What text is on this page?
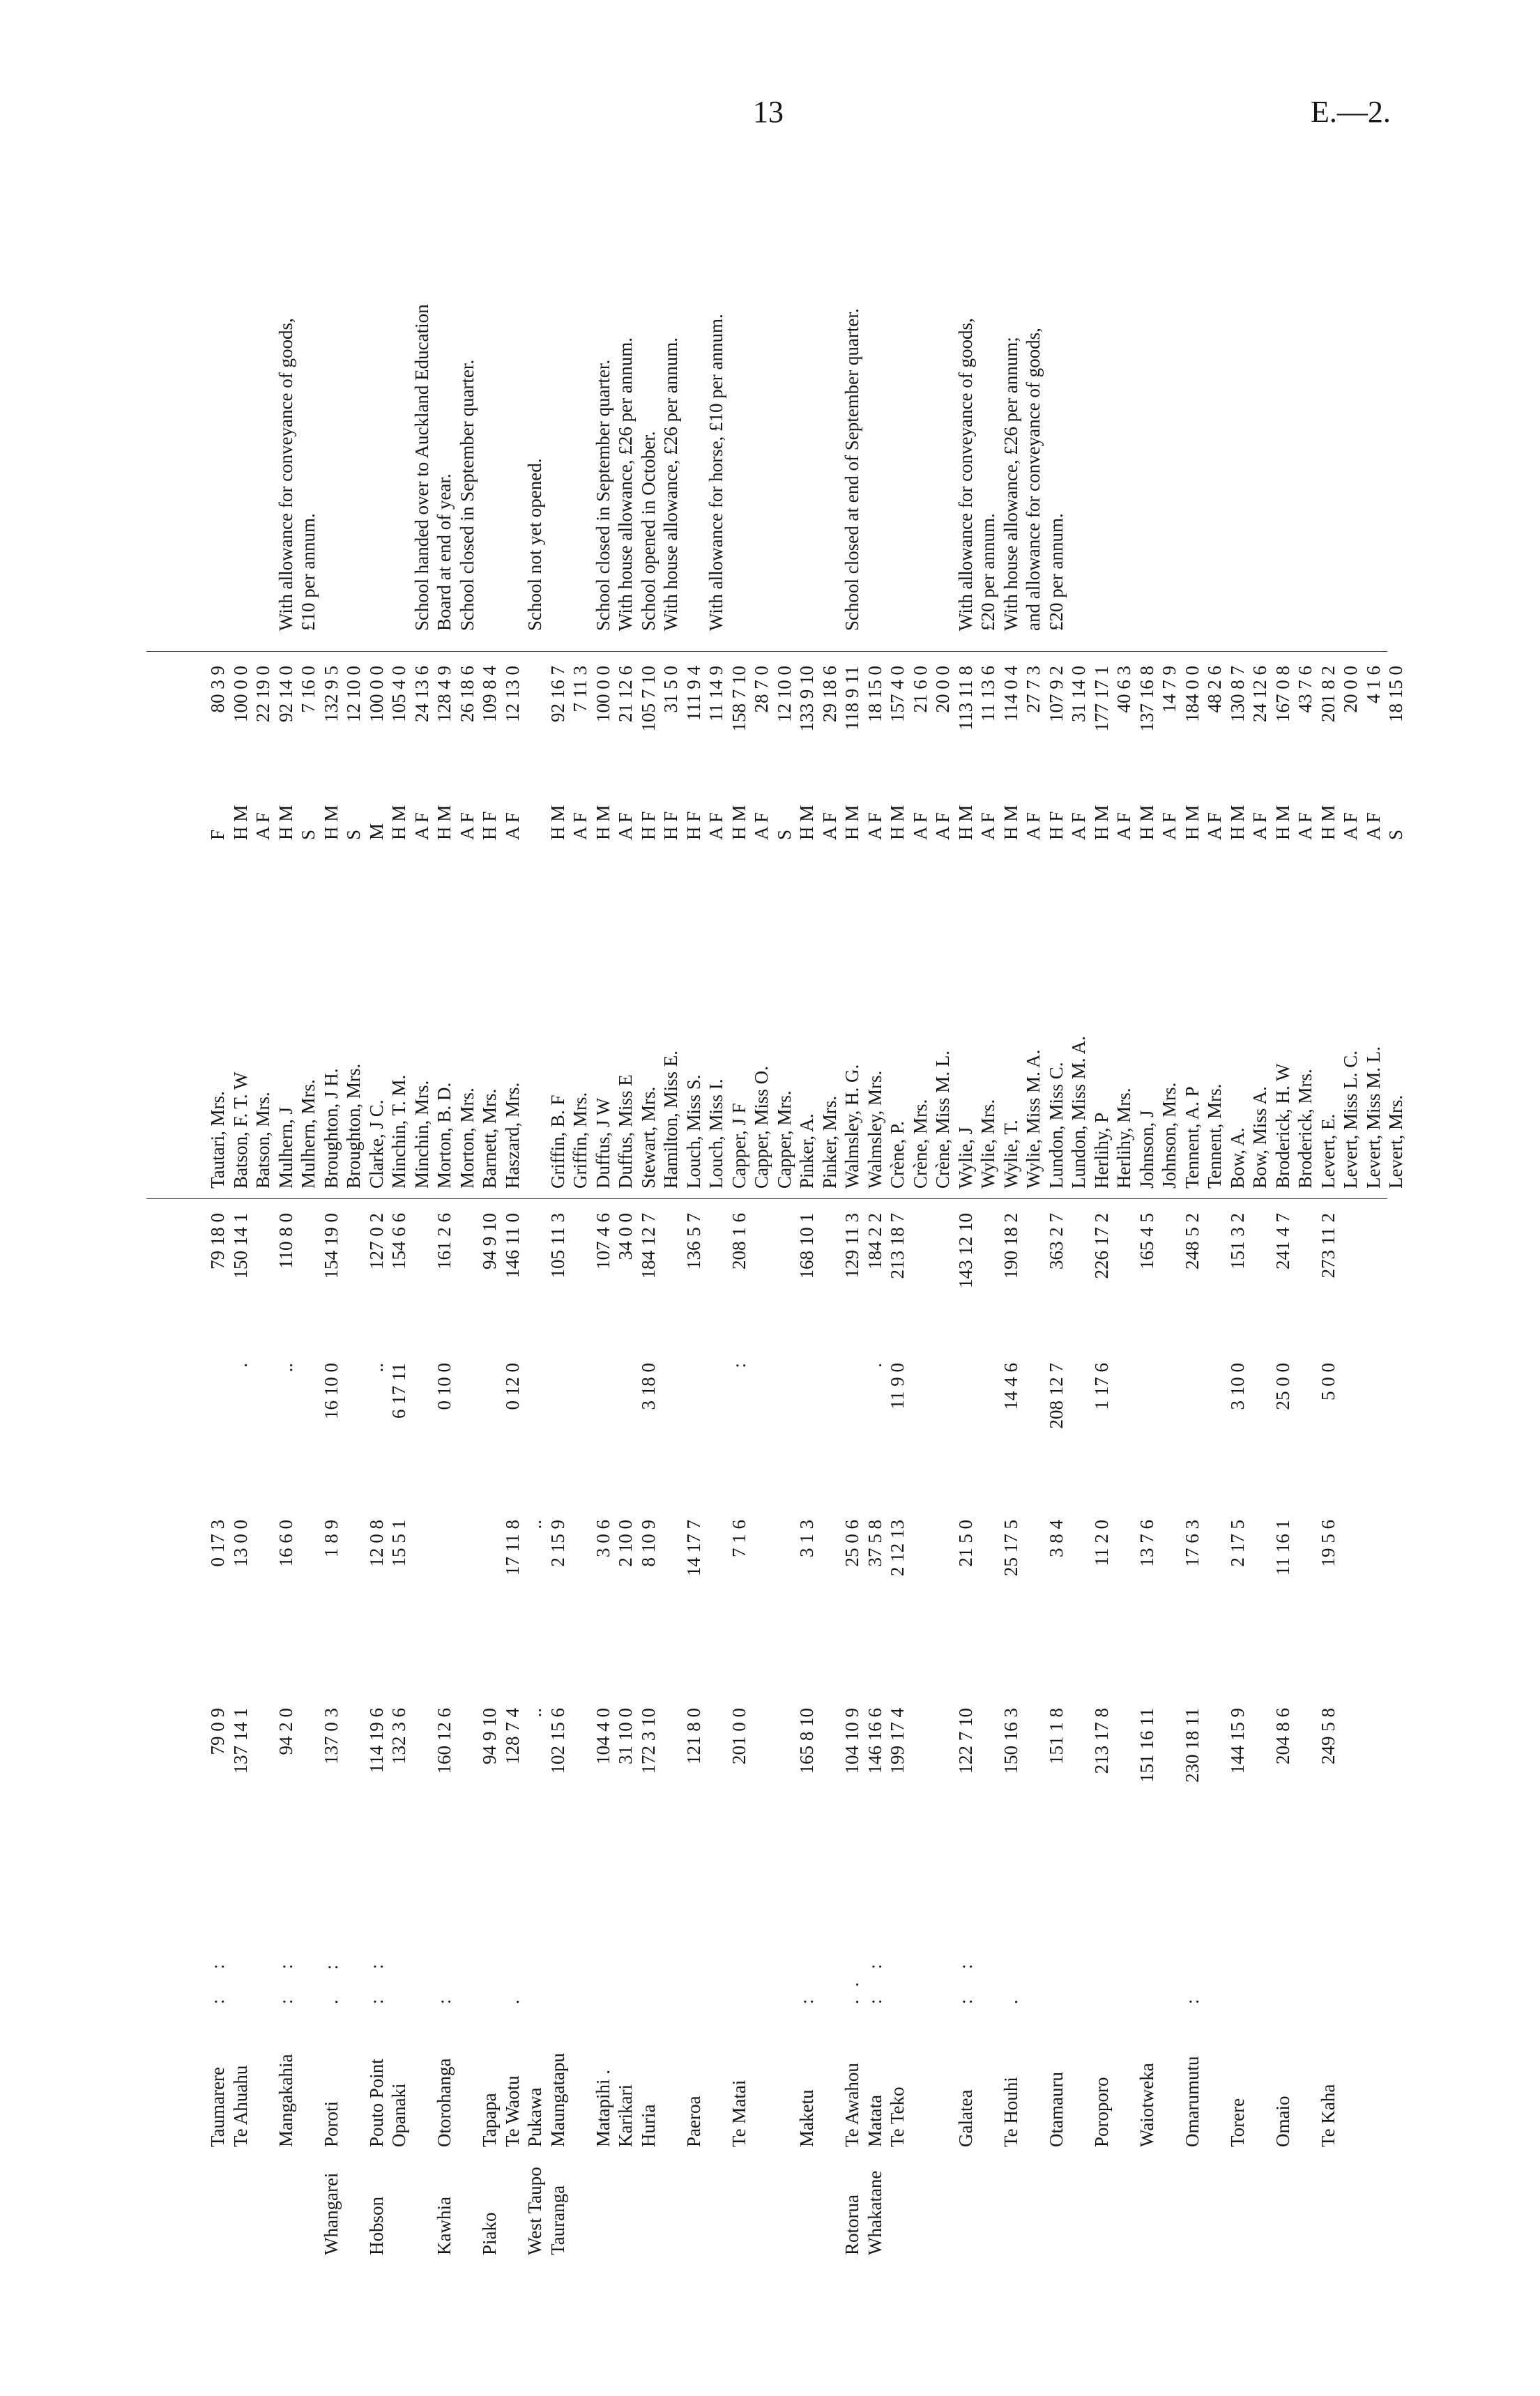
13	E.—2.
Taumarere
: :
79 0 9
0 17 3
79 18 0
Tautari, Mrs.
F
80 3 9
Te Ahuahu
137 14 1
13 0 0
.
150 14 1
Batson, F. T. W
H M
100 0 0
Batson, Mrs.
A F
22 19 0
Mangakahia
: :
94 2 0
16 6 0
..
110 8 0
Mulhern, J
H M
92 14 0
With allowance for conveyance of goods,
Mulhern, Mrs.
S
7 16 0
£10 per annum.
Whangarei
Poroti
. :
137 0 3
1 8 9
16 10 0
154 19 0
Broughton, J H.
H M
132 9 5
Broughton, Mrs.
S
12 10 0
Hobson
Pouto Point
: :
114 19 6
12 0 8
..
127 0 2
Clarke, J C.
M
100 0 0
Opanaki
132 3 6
15 5 1
6 17 11
154 6 6
Minchin, T. M.
H M
105 4 0
Minchin, Mrs.
A F
24 13 6
School handed over to Auckland Education
Kawhia
Otorohanga
:
160 12 6
0 10 0
161 2 6
Morton, B. D.
H M
128 4 9
Board at end of year.
Morton, Mrs.
A F
26 18 6
School closed in September quarter.
Piako
Tapapa
94 9 10
94 9 10
Barnett, Mrs.
H F
109 8 4
Te Waotu
.
128 7 4
17 11 8
0 12 0
146 11 0
Haszard, Mrs.
A F
12 13 0
West Taupo
Pukawa
..
..
School not yet opened.
Tauranga
Maungatapu
102 15 6
2 15 9
105 11 3
Griffin, B. F
H M
92 16 7
Griffin, Mrs.
A F
7 11 3
Matapihi .
104 4 0
3 0 6
107 4 6
Duffus, J W
H M
100 0 0
School closed in September quarter.
Karikari
31 10 0
2 10 0
34 0 0
Duffus, Miss E
A F
21 12 6
With house allowance, £26 per annum.
Huria
172 3 10
8 10 9
3 18 0
184 12 7
Stewart, Mrs.
H F
105 7 10
School opened in October.
Hamilton, Miss E.
H F
31 5 0
With house allowance, £26 per annum.
Paeroa
121 8 0
14 17 7
136 5 7
Louch, Miss S.
H F
111 9 4
Louch, Miss I.
A F
11 14 9
With allowance for horse, £10 per annum.
Te Matai
201 0 0
7 1 6
:
208 1 6
Capper, J F
H M
158 7 10
Capper, Miss O.
A F
28 7 0
Capper, Mrs.
S
12 10 0
Maketu
:
165 8 10
3 1 3
168 10 1
Pinker, A.
H M
133 9 10
Pinker, Mrs.
A F
29 18 6
Rotorua
Te Awahou
..
104 10 9
25 0 6
129 11 3
Walmsley, H. G.
H M
118 9 11
School closed at end of September quarter.
Whakatane
Matata
: :
146 16 6
37 5 8
.
184 2 2
Walmsley, Mrs.
A F
18 15 0
Te Teko
199 17 4
2 12 13
11 9 0
213 18 7
Crène, P.
H M
157 4 0
Crène, Mrs.
A F
21 6 0
Crène, Miss M. L.
A F
20 0 0
Galatea
: :
122 7 10
21 5 0
143 12 10
Wylie, J
H M
113 11 8
With allowance for conveyance of goods,
Wylie, Mrs.
A F
11 13 6
£20 per annum.
Te Houhi
.
150 16 3
25 17 5
14 4 6
190 18 2
Wylie, T.
H M
114 0 4
With house allowance, £26 per annum;
Wylie, Miss M. A.
A F
27 7 3
and allowance for conveyance of goods,
Otamauru
151 1 8
3 8 4
208 12 7
363 2 7
Lundon, Miss C.
H F
107 9 2
£20 per annum.
Lundon, Miss M. A.
A F
31 14 0
Poroporo
213 17 8
11 2 0
1 17 6
226 17 2
Herlihy, P
H M
177 17 1
Herlihy, Mrs.
A F
40 6 3
Waiotweka
151 16 11
13 7 6
165 4 5
Johnson, J
H M
137 16 8
Johnson, Mrs.
A F
14 7 9
Omarumutu
:
230 18 11
17 6 3
248 5 2
Tennent, A. P
H M
184 0 0
Tennent, Mrs.
A F
48 2 6
Torere
144 15 9
2 17 5
3 10 0
151 3 2
Bow, A.
H M
130 8 7
Bow, Miss A.
A F
24 12 6
Omaio
204 8 6
11 16 1
25 0 0
241 4 7
Broderick, H. W
H M
167 0 8
Broderick, Mrs.
A F
43 7 6
Te Kaha
249 5 8
19 5 6
5 0 0
273 11 2
Levert, E.
H M
201 8 2
Levert, Miss L. C.
A F
20 0 0
Levert, Miss M. L.
A F
4 1 6
Levert, Mrs.
S
18 15 0
